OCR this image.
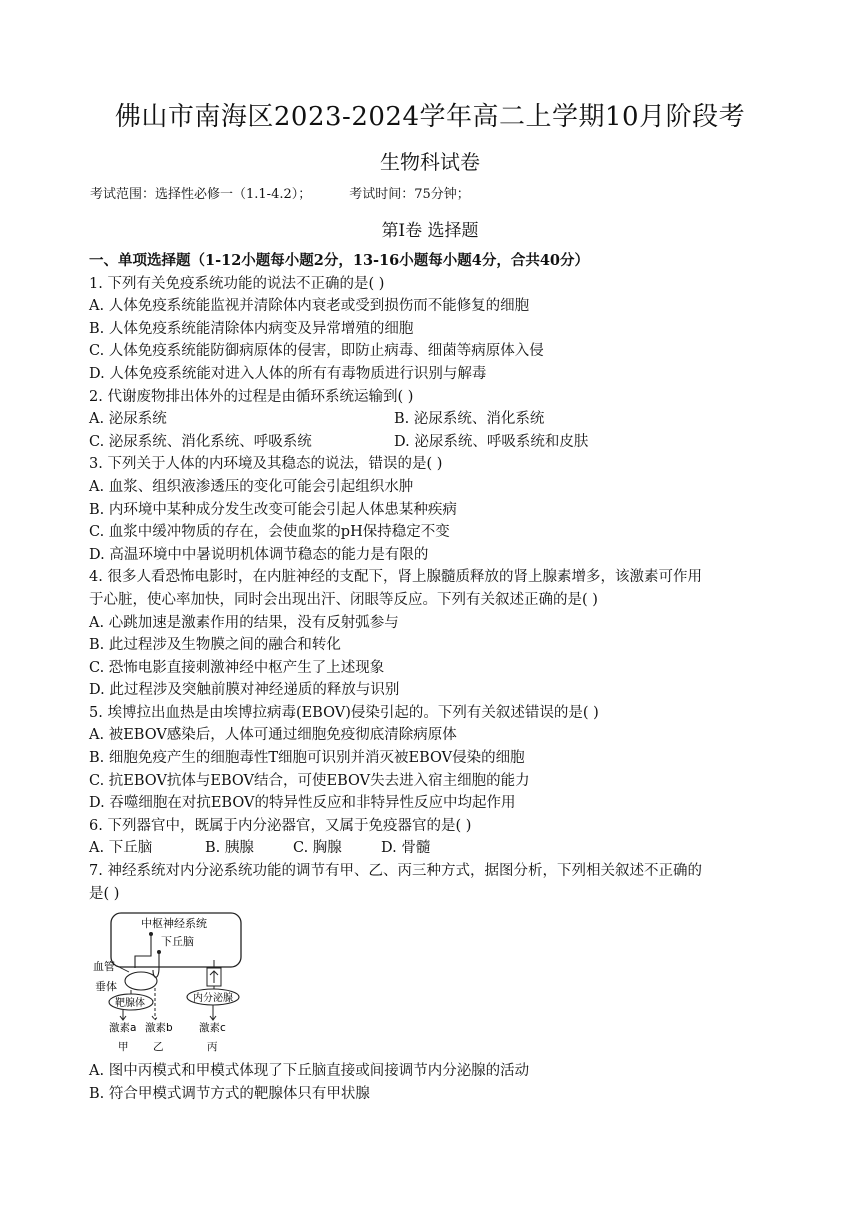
佛山市南海区2023-2024学年高二上学期10月阶段考
生物科试卷
考试范围：选择性必修一（1.1-4.2）；	考试时间：75分钟；
第Ⅰ卷 选择题
一、单项选择题（1-12小题每小题2分，13-16小题每小题4分，合共40分）
1. 下列有关免疫系统功能的说法不正确的是( )
A. 人体免疫系统能监视并清除体内衰老或受到损伤而不能修复的细胞
B. 人体免疫系统能清除体内病变及异常增殖的细胞
C. 人体免疫系统能防御病原体的侵害，即防止病毒、细菌等病原体入侵
D. 人体免疫系统能对进入人体的所有有毒物质进行识别与解毒
2. 代谢废物排出体外的过程是由循环系统运输到( )
A. 泌尿系统	B. 泌尿系统、消化系统
C. 泌尿系统、消化系统、呼吸系统	D. 泌尿系统、呼吸系统和皮肤
3. 下列关于人体的内环境及其稳态的说法，错误的是( )
A. 血浆、组织液渗透压的变化可能会引起组织水肿
B. 内环境中某种成分发生改变可能会引起人体患某种疾病
C. 血浆中缓冲物质的存在，会使血浆的pH保持稳定不变
D. 高温环境中中暑说明机体调节稳态的能力是有限的
4. 很多人看恐怖电影时，在内脏神经的支配下，肾上腺髓质释放的肾上腺素增多，该激素可作用
于心脏，使心率加快，同时会出现出汗、闭眼等反应。下列有关叙述正确的是( )
A. 心跳加速是激素作用的结果，没有反射弧参与
B. 此过程涉及生物膜之间的融合和转化
C. 恐怖电影直接刺激神经中枢产生了上述现象
D. 此过程涉及突触前膜对神经递质的释放与识别
5. 埃博拉出血热是由埃博拉病毒(EBOV)侵染引起的。下列有关叙述错误的是( )
A. 被EBOV感染后，人体可通过细胞免疫彻底清除病原体
B. 细胞免疫产生的细胞毒性T细胞可识别并消灭被EBOV侵染的细胞
C. 抗EBOV抗体与EBOV结合，可使EBOV失去进入宿主细胞的能力
D. 吞噬细胞在对抗EBOV的特异性反应和非特异性反应中均起作用
6. 下列器官中，既属于内分泌器官，又属于免疫器官的是( )
A. 下丘脑	B. 胰腺	C. 胸腺	D. 骨髓
7. 神经系统对内分泌系统功能的调节有甲、乙、丙三种方式，据图分析，下列相关叙述不正确的
是( )
中枢神经系统
下丘脑
血管
垂体
靶腺体	内分泌腺
激素a 激素b	激素c
甲 乙	丙
A. 图中丙模式和甲模式体现了下丘脑直接或间接调节内分泌腺的活动
B. 符合甲模式调节方式的靶腺体只有甲状腺
